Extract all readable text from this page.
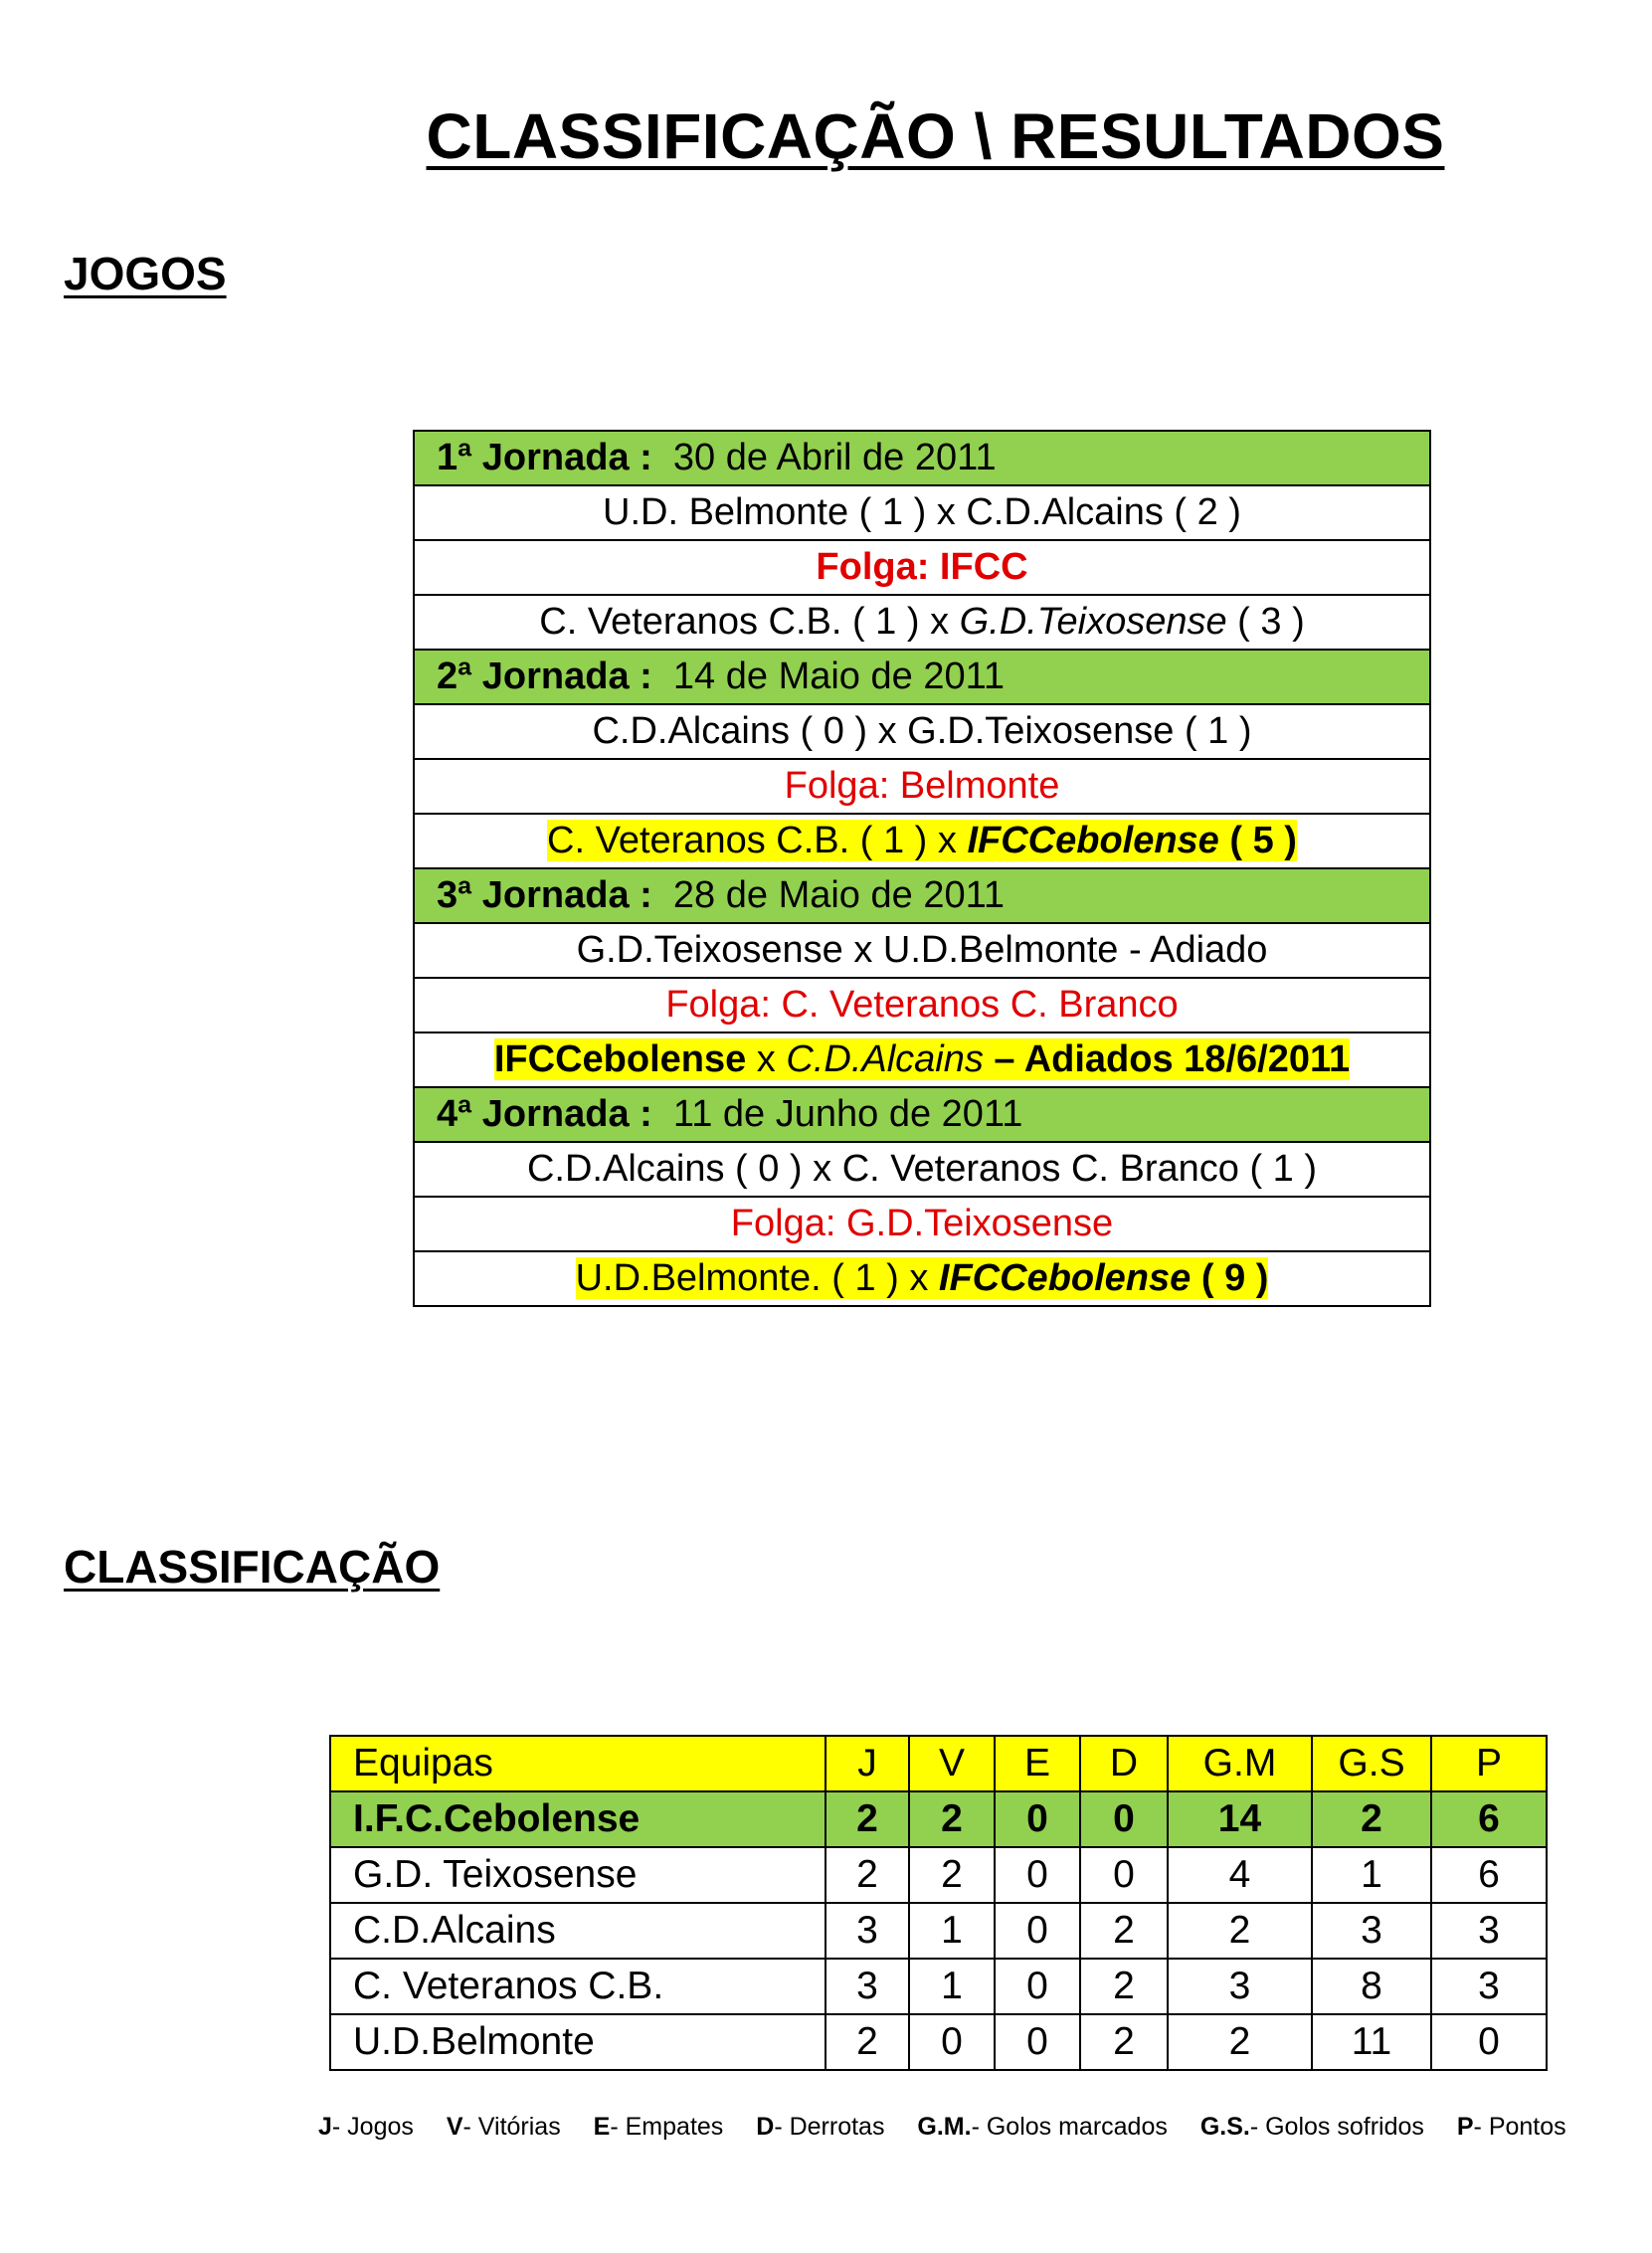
CLASSIFICAÇÃO \ RESULTADOS
JOGOS
1ª Jornada : 30 de Abril de 2011
U.D. Belmonte ( 1 ) x C.D.Alcains ( 2 )
Folga: IFCC
C. Veteranos C.B. ( 1 ) x G.D.Teixosense ( 3 )
2ª Jornada : 14 de Maio de 2011
C.D.Alcains ( 0 ) x G.D.Teixosense ( 1 )
Folga: Belmonte
C. Veteranos C.B. ( 1 ) x IFCCebolense ( 5 )
3ª Jornada : 28 de Maio de 2011
G.D.Teixosense x U.D.Belmonte - Adiado
Folga: C. Veteranos C. Branco
IFCCebolense x C.D.Alcains – Adiados 18/6/2011
4ª Jornada : 11 de Junho de 2011
C.D.Alcains ( 0 ) x C. Veteranos C. Branco ( 1 )
Folga: G.D.Teixosense
U.D.Belmonte. ( 1 ) x IFCCebolense ( 9 )
CLASSIFICAÇÃO
Equipas	J	V	E	D	G.M	G.S	P
I.F.C.Cebolense	2	2	0	0	14	2	6
G.D. Teixosense	2	2	0	0	4	1	6
C.D.Alcains	3	1	0	2	2	3	3
C. Veteranos C.B.	3	1	0	2	3	8	3
U.D.Belmonte	2	0	0	2	2	11	0
J- Jogos V- Vitórias E- Empates D- Derrotas G.M.- Golos marcados G.S.- Golos sofridos P- Pontos
